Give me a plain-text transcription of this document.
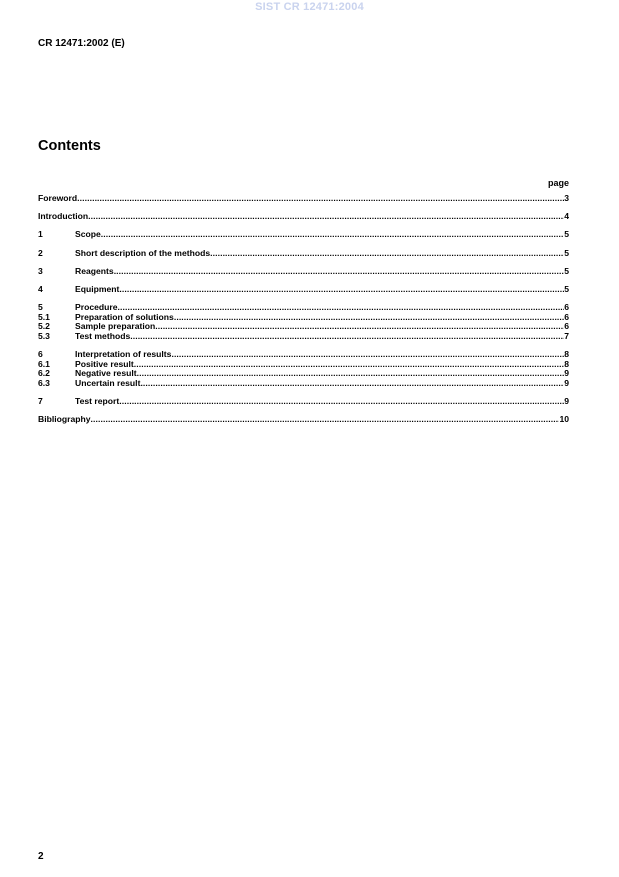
SIST CR 12471:2004
CR 12471:2002 (E)
Contents
page
Foreword .....	3
Introduction .....	4
1	Scope .....	5
2	Short description of the methods .....	5
3	Reagents .....	5
4	Equipment .....	5
5	Procedure .....	6
5.1	Preparation of solutions .....	6
5.2	Sample preparation .....	6
5.3	Test methods .....	7
6	Interpretation of results .....	8
6.1	Positive result .....	8
6.2	Negative result .....	9
6.3	Uncertain result .....	9
7	Test report .....	9
Bibliography .....	10
2
